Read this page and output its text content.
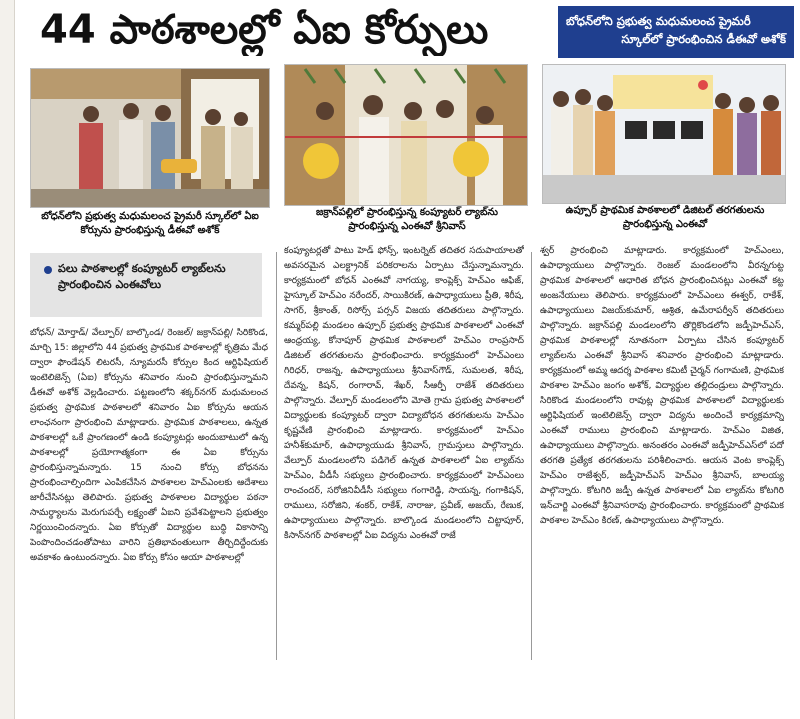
44 పాఠశాలల్లో ఏఐ కోర్సులు	బోధన్‌లోని ప్రభుత్వ మధుమలంచ ప్రైమరీ
స్కూల్‌లో ప్రారంభించిన డీఈవో అశోక్
బోధన్‌లోని ప్రభుత్వ మధుమలంచ ప్రైమరీ స్కూల్‌లో ఏఐ కోర్సును ప్రారంభిస్తున్న డీఈవో అశోక్
జక్రాన్‌పల్లిలో ప్రారంభిస్తున్న కంప్యూటర్ ల్యాబ్‌ను ప్రారంభిస్తున్న ఎంఈవో శ్రీనివాస్
ఉప్పూర్ ప్రాథమిక పాఠశాలలో డిజిటల్ తరగతులను ప్రారంభిస్తున్న ఎంఈవో
పలు పాఠశాలల్లో కంప్యూటర్ ల్యాబ్‌లను ప్రారంభించిన ఎంఈవోలు

బోధన్/ మోర్తాడ్/ వేల్పూర్/ బాల్కొండ/ రెంజల్/ జక్రాన్‌పల్లి/ సిరికొండ, మార్చి 15: జిల్లాలోని 44 ప్రభుత్వ ప్రాథమిక పాఠశాలల్లో కృత్రిమ మేధ ద్వారా ఫౌండేషన్ లిటరసీ, న్యూమరసీ కోర్సుల కింద ఆర్టిఫిషియల్ ఇంటెలిజెన్స్ (ఏఐ) కోర్సును శనివారం నుంచి ప్రారంభిస్తున్నామని డీఈవో అశోక్ వెల్లడించారు. పట్టణంలోని శక్కర్‌నగర్ మధుమలంచ ప్రభుత్వ ప్రాథమిక పాఠశాలలో శనివారం ఏఐ కోర్సును ఆయన లాంఛనంగా ప్రారంభించి మాట్లాడారు. ప్రాథమిక పాఠశాలలు, ఉన్నత పాఠశాలల్లో ఒకే ప్రాంగణంలో ఉండి కంప్యూటర్లు అందుబాటులో ఉన్న పాఠశాలల్లో ప్రయోగాత్మకంగా ఈ ఏఐ కోర్సును ప్రారంభిస్తున్నామన్నారు. 15 నుంచి కోర్సు బోధనను ప్రారంభించాల్సిందిగా ఎంపికచేసిన పాఠశాలల హెచ్‌ఎంలకు ఆదేశాలు జారీచేసినట్లు తెలిపారు. ప్రభుత్వ పాఠశాలల విద్యార్థుల పఠనా సామర్థ్యాలను మెరుగుపర్చే లక్ష్యంతో ఏఐని ప్రవేశపెట్టాలని ప్రభుత్వం నిర్ణయించిందన్నారు. ఏఐ కోర్సుతో విద్యార్థుల బుద్ధి వికాసాన్ని పెంపొందించడంతోపాటు వారిని ప్రతిభావంతులుగా తీర్చిదిద్దేందుకు అవకాశం ఉంటుందన్నారు. ఏఐ కోర్సు కోసం ఆయా పాఠశాలల్లో

కంప్యూటర్లతో పాటు హెడ్ ఫోన్స్, ఇంటర్నెట్ తదితర సదుపాయాలతో అవసరమైన ఎలక్ట్రానిక్ పరికరాలను ఏర్పాటు చేస్తున్నామన్నారు. కార్యక్రమంలో బోధన్ ఎంఈవో నాగయ్య, కాంప్లెక్స్ హెచ్‌ఎం ఆఫిజ్, హైస్కూల్ హెచ్‌ఎం నరేందర్, సాయికిరణ్, ఉపాధ్యాయులు ప్రీతి, శిరీష, సాగర్, శ్రీకాంత్, రిసోర్స్ పర్సన్ విజయ తదితరులు పాల్గొన్నారు. కమ్మర్‌పల్లి మండలం ఉప్పూర్ ప్రభుత్వ ప్రాథమిక పాఠశాలలో ఎంఈవో ఆంధ్రయ్య, కోనాపూర్ ప్రాథమిక పాఠశాలలో హెచ్‌ఎం రాంప్రసాద్ డిజిటల్ తరగతులను ప్రారంభించారు. కార్యక్రమంలో హెచ్‌ఎంలు గిరిధర్, రాజన్న, ఉపాధ్యాయులు శ్రీనివాస్‌గౌడ్, సుమలత, శిరీష, దేవన్న, కిషన్, రంగారావ్, శేఖర్, సీఆర్పీ రాజేశ్ తదితరులు పాల్గొన్నారు. వేల్పూర్ మండలంలోని మోతె గ్రామ ప్రభుత్వ పాఠశాలలో విద్యార్థులకు కంప్యూటర్ ద్వారా విద్యాబోధన తరగతులను హెచ్‌ఎం కృష్ణవేణి ప్రారంభించి మాట్లాడారు. కార్యక్రమంలో హెచ్‌ఎం హనీశ్‌కుమార్, ఉపాధ్యాయుడు శ్రీనివాస్, గ్రామస్తులు పాల్గొన్నారు. వేల్పూర్ మండలంలోని పడిగెల్ ఉన్నత పాఠశాలలో ఏఐ ల్యాబ్‌ను హెచ్‌ఎం, వీడీసీ సభ్యులు ప్రారంభించారు. కార్యక్రమంలో హెచ్‌ఎంలు రాంచందర్, సరోజినివీడీసీ సభ్యులు గంగారెడ్డి, సాయన్న, గంగాకిషన్, రాములు, సరోజిని, శంకర్, రాకేశ్, నారాజు, ప్రవీణ్, అజయ్, రేణుక, ఉపాధ్యాయులు పాల్గొన్నారు. బాల్కొండ మండలంలోని చిట్టాపూర్, కిసాన్‌నగర్ పాఠశాలల్లో ఏఐ విద్యను ఎంఈవో రాజే

శ్వర్ ప్రారంభించి మాట్లాడారు. కార్యక్రమంలో హెచ్‌ఎంలు, ఉపాధ్యాయులు పాల్గొన్నారు. రెంజల్ మండలంలోని వీరన్నగుట్ట ప్రాథమిక పాఠశాలలో ఆధారిత బోధన ప్రారంభించినట్లు ఎంఈవో కట్ట అంజనేయులు తెలిపారు. కార్యక్రమంలో హెచ్‌ఎంలు ఈశ్వర్, రాకేశ్, ఉపాధ్యాయులు విజయ్‌కుమార్, ఆశ్రిత, ఉమేరాపర్వీన్ తదితరులు పాల్గొన్నారు. జక్రాన్‌పల్లి మండలంలోని తొర్లికొండలోని జడ్పీహెచ్‌ఎస్, ప్రాథమిక పాఠశాలల్లో నూతనంగా ఏర్పాటు చేసిన కంప్యూటర్ ల్యాబ్‌లను ఎంఈవో శ్రీనివాస్ శనివారం ప్రారంభించి మాట్లాడారు. కార్యక్రమంలో అమ్మ ఆదర్శ పాఠశాల కమిటీ చైర్మన్ గంగామణి, ప్రాథమిక పాఠశాల హెచ్‌ఎం జంగం అశోక్, విద్యార్థుల తల్లిదండ్రులు పాల్గొన్నారు. సిరికొండ మండలంలోని రావుట్ల ప్రాథమిక పాఠశాలలో విద్యార్థులకు ఆర్టిఫిషియల్ ఇంటెలిజెన్స్ ద్వారా విద్యను అందించే కార్యక్రమాన్ని ఎంఈవో రాములు ప్రారంభించి మాట్లాడారు. హెచ్‌ఎం విజిత, ఉపాధ్యాయులు పాల్గొన్నారు. అనంతరం ఎంఈవో జడ్పీహెచ్‌ఎస్‌లో పదో తరగతి ప్రత్యేక తరగతులను పరిశీలించారు. ఆయన వెంట కాంప్లెక్స్ హెచ్‌ఎం రాజేశ్వర్, జడ్పీహెచ్‌ఎస్ హెచ్‌ఎం శ్రీనివాస్, బాలయ్య పాల్గొన్నారు. కోటగిరి జడ్పీ ఉన్నత పాఠశాలలో ఏఐ ల్యాబ్‌ను కోటగిరి ఇన్‌చార్జి ఎంఈవో శ్రీనివాసరావు ప్రారంభించారు. కార్యక్రమంలో ప్రాథమిక పాఠశాల హెచ్‌ఎం కిరణ్, ఉపాధ్యాయులు పాల్గొన్నారు.
